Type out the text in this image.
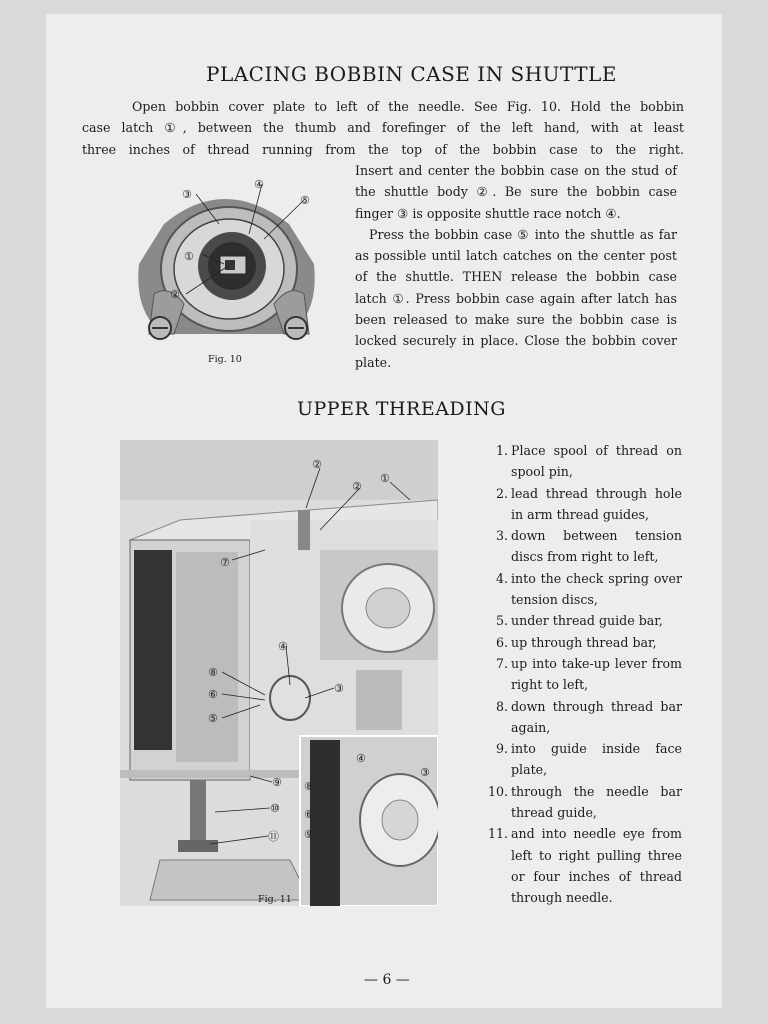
PLACING BOBBIN CASE IN SHUTTLE
Open bobbin cover plate to left of the needle. See Fig. 10. Hold the bobbin
case latch ①, between the thumb and forefinger of the left hand, with at least
three inches of thread running from the top of the bobbin case to the right.
③
④
⑤
①
②
Fig. 10

Insert and center the bobbin case on the stud of the shuttle body ②. Be sure the bobbin case finger ③ is opposite shuttle race notch ④.

Press the bobbin case ⑤ into the shuttle as far as possible until latch catches on the center post of the shuttle. THEN release the bobbin case latch ①. Press bobbin case again after latch has been released to make sure the bobbin case is locked securely in place. Close the bobbin cover plate.

UPPER THREADING
②
②
①
⑦
④
③
⑧
⑥
⑤
⑨
⑩
⑪
④
③
⑧
⑥
⑨
Fig. 11
1. Place spool of thread on spool pin,
2. lead thread through hole in arm thread guides,
3. down between tension discs from right to left,
4. into the check spring over tension discs,
5. under thread guide bar,
6. up through thread bar,
7. up into take-up lever from right to left,
8. down through thread bar again,
9. into guide inside face plate,
10. through the needle bar thread guide,
11. and into needle eye from left to right pulling three or four inches of thread through needle.
— 6 —
